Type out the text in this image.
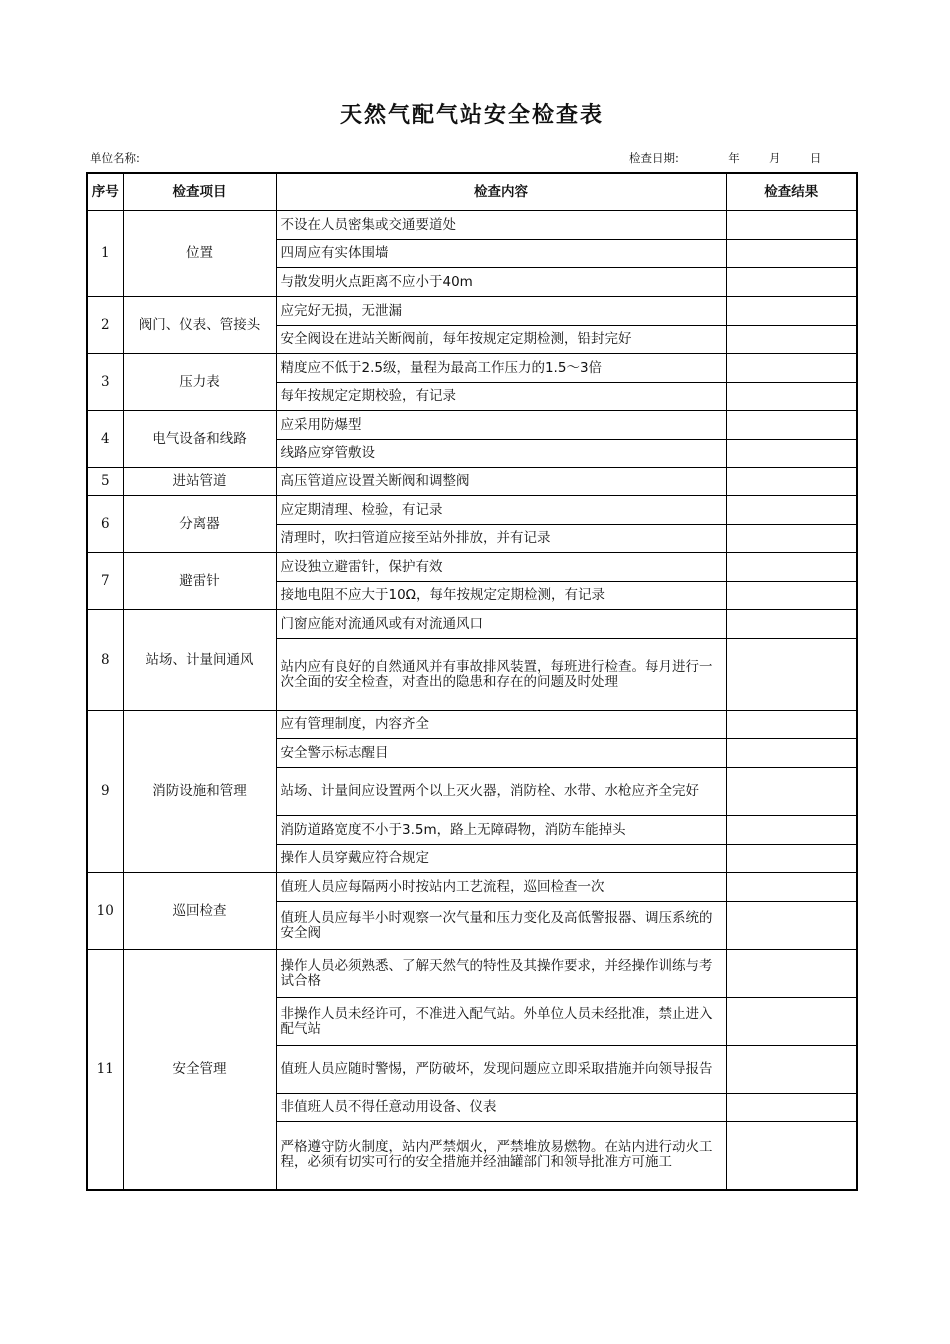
天然气配气站安全检查表
单位名称:	检查日期:	年	月	日
序号	检查项目	检查内容	检查结果
1	位置	不设在人员密集或交通要道处	
		四周应有实体围墙	
		与散发明火点距离不应小于40m	
2	阀门、仪表、管接头	应完好无损，无泄漏	
		安全阀设在进站关断阀前，每年按规定定期检测，铅封完好	
3	压力表	精度应不低于2.5级，量程为最高工作压力的1.5～3倍	
		每年按规定定期校验，有记录	
4	电气设备和线路	应采用防爆型	
		线路应穿管敷设	
5	进站管道	高压管道应设置关断阀和调整阀	
6	分离器	应定期清理、检验，有记录	
		清理时，吹扫管道应接至站外排放，并有记录	
7	避雷针	应设独立避雷针，保护有效	
		接地电阻不应大于10Ω，每年按规定定期检测，有记录	
8	站场、计量间通风	门窗应能对流通风或有对流通风口	
		站内应有良好的自然通风并有事故排风装置，每班进行检查。每月进行一次全面的安全检查，对查出的隐患和存在的问题及时处理	
9	消防设施和管理	应有管理制度，内容齐全	
		安全警示标志醒目	
		站场、计量间应设置两个以上灭火器，消防栓、水带、水枪应齐全完好	
		消防道路宽度不小于3.5m，路上无障碍物，消防车能掉头	
		操作人员穿戴应符合规定	
10	巡回检查	值班人员应每隔两小时按站内工艺流程，巡回检查一次	
		值班人员应每半小时观察一次气量和压力变化及高低警报器、调压系统的安全阀	
11	安全管理	操作人员必须熟悉、了解天然气的特性及其操作要求，并经操作训练与考试合格	
		非操作人员未经许可，不准进入配气站。外单位人员未经批准，禁止进入配气站	
		值班人员应随时警惕，严防破坏，发现问题应立即采取措施并向领导报告	
		非值班人员不得任意动用设备、仪表	
		严格遵守防火制度，站内严禁烟火，严禁堆放易燃物。在站内进行动火工程，必须有切实可行的安全措施并经油罐部门和领导批准方可施工	
